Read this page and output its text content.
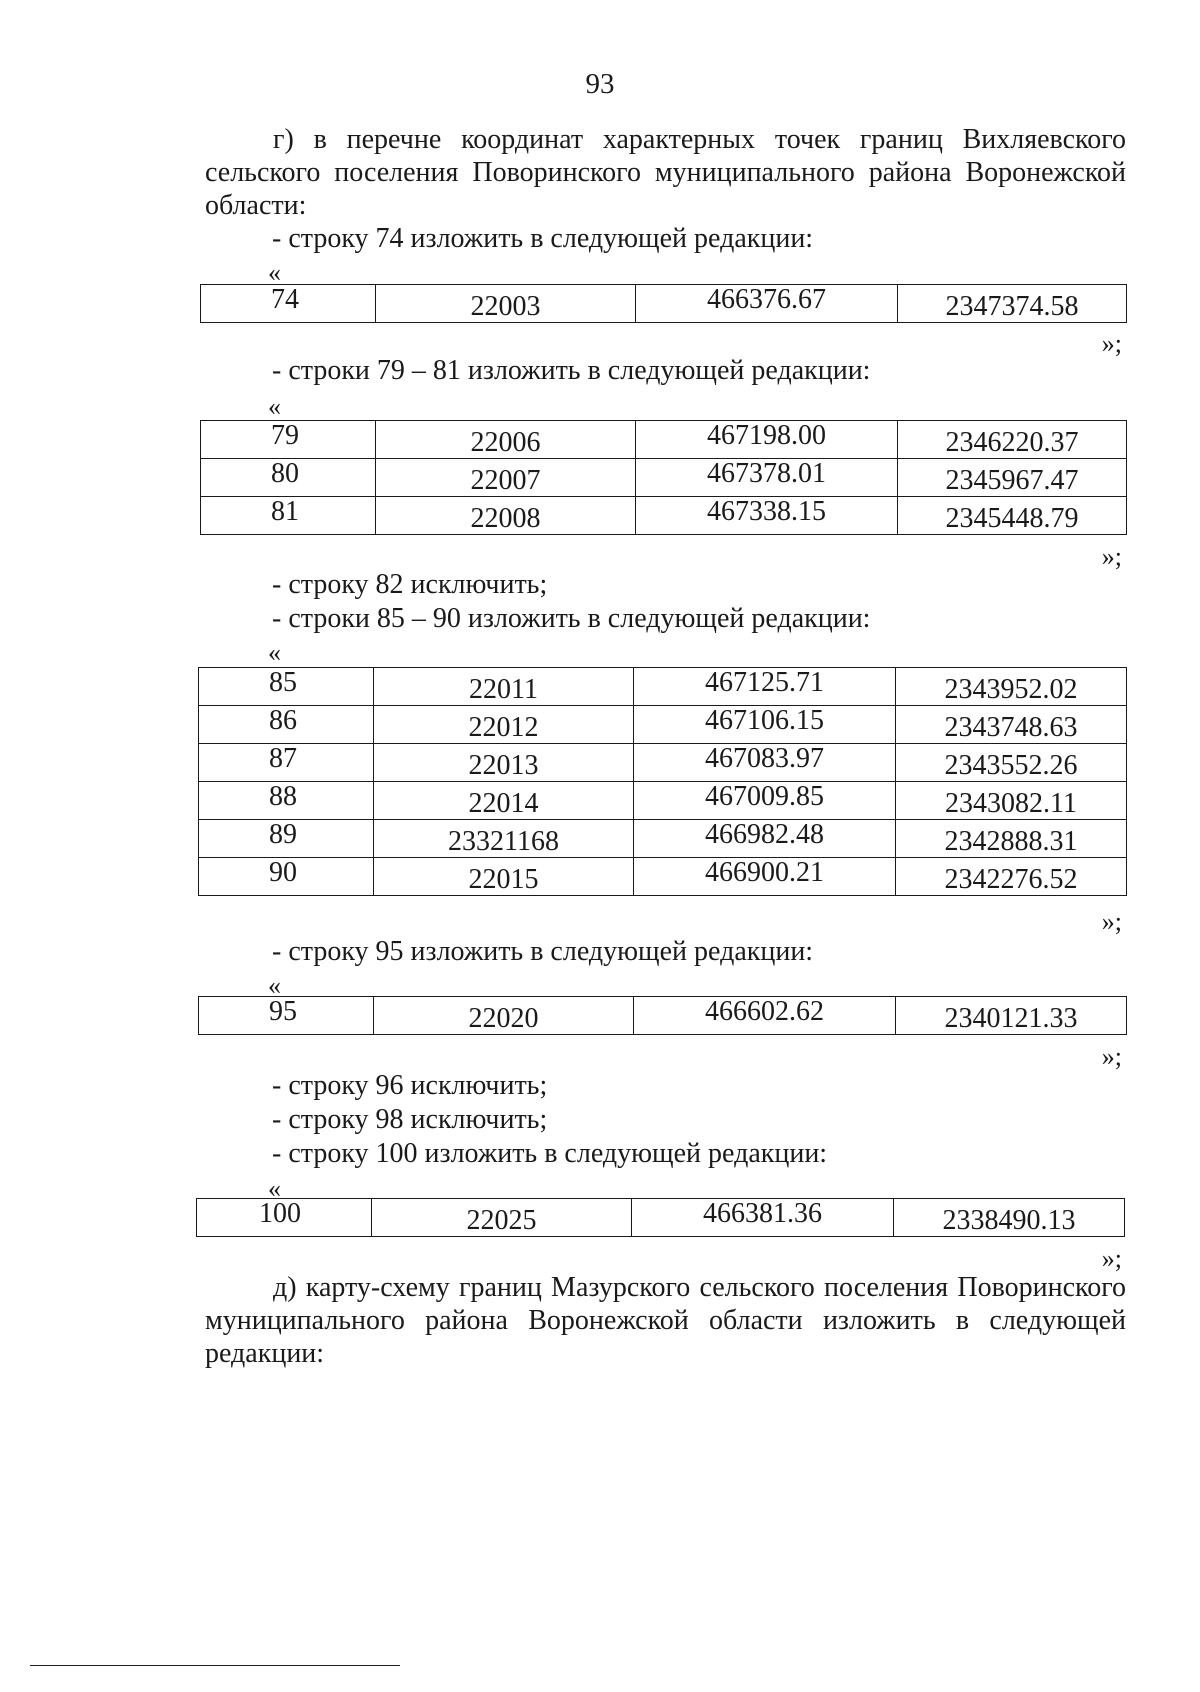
93
г) в перечне координат характерных точек границ Вихляевского сельского поселения Поворинского муниципального района Воронежской области:
- строку 74 изложить в следующей редакции:
«
74	22003	466376.67	2347374.58
»;
- строки 79 – 81 изложить в следующей редакции:
«
79	22006	467198.00	2346220.37
80	22007	467378.01	2345967.47
81	22008	467338.15	2345448.79
»;
- строку 82 исключить;
- строки 85 – 90 изложить в следующей редакции:
«
85	22011	467125.71	2343952.02
86	22012	467106.15	2343748.63
87	22013	467083.97	2343552.26
88	22014	467009.85	2343082.11
89	23321168	466982.48	2342888.31
90	22015	466900.21	2342276.52
»;
- строку 95 изложить в следующей редакции:
«
95	22020	466602.62	2340121.33
»;
- строку 96 исключить;
- строку 98 исключить;
- строку 100 изложить в следующей редакции:
«
100	22025	466381.36	2338490.13
»;
д) карту-схему границ Мазурского сельского поселения Поворинского муниципального района Воронежской области изложить в следующей редакции:
